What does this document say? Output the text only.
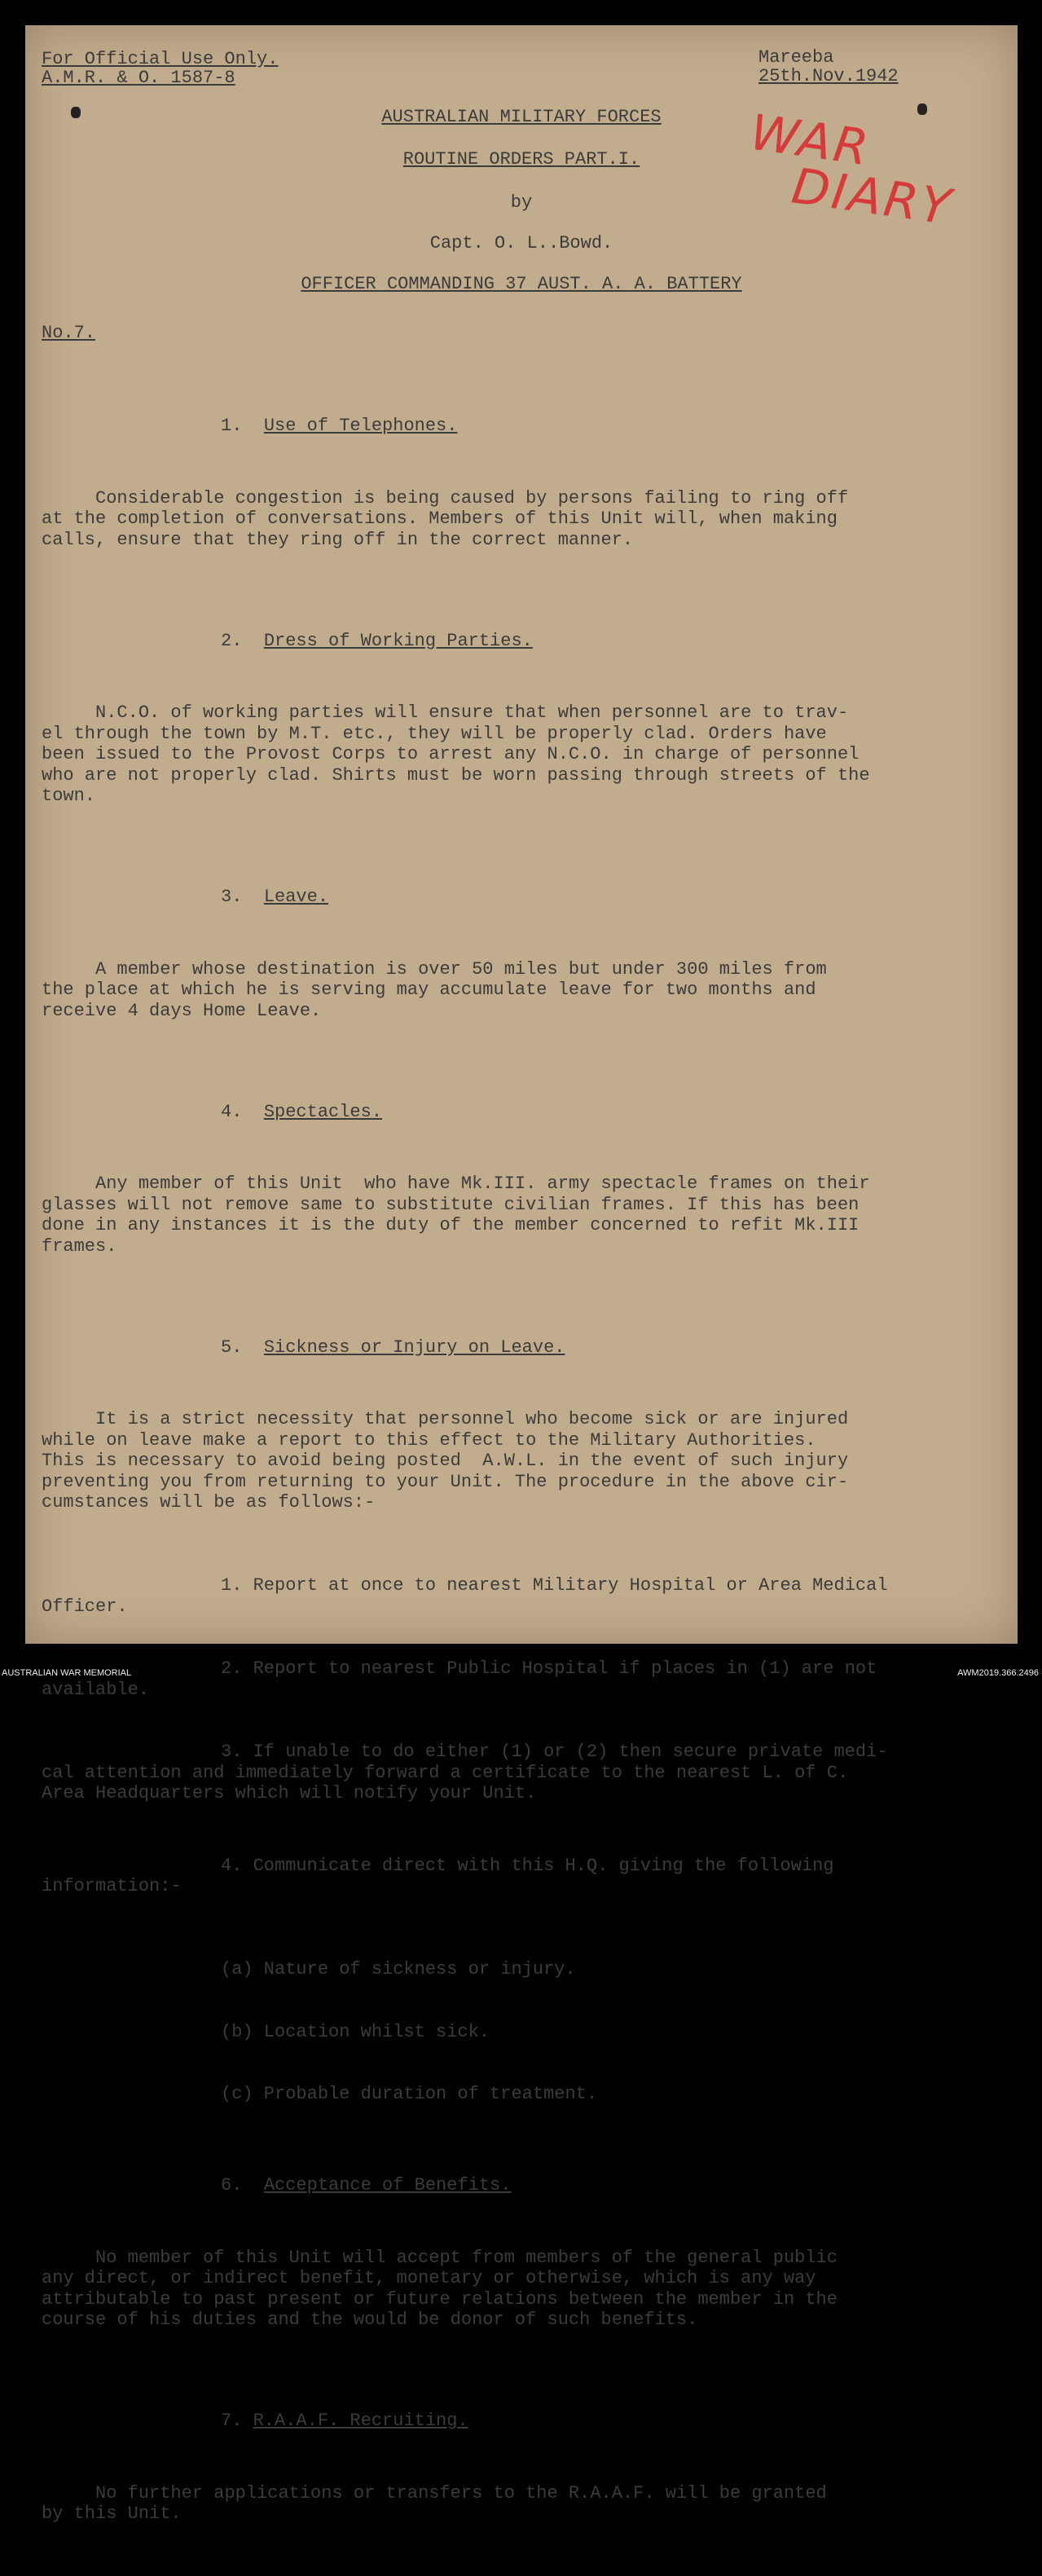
For Official Use Only.
A.M.R. & O. 1587-8
Mareeba
25th.Nov.1942
WAR
DIARY
AUSTRALIAN MILITARY FORCES
ROUTINE ORDERS PART.I.
by
Capt. O. L..Bowd.
OFFICER COMMANDING 37 AUST. A. A. BATTERY
No.7.

1. Use of Telephones.

Considerable congestion is being caused by persons failing to ring off
at the completion of conversations. Members of this Unit will, when making
calls, ensure that they ring off in the correct manner.

2. Dress of Working Parties.

N.C.O. of working parties will ensure that when personnel are to trav-
el through the town by M.T. etc., they will be properly clad. Orders have
been issued to the Provost Corps to arrest any N.C.O. in charge of personnel
who are not properly clad. Shirts must be worn passing through streets of the
town.

3. Leave.

A member whose destination is over 50 miles but under 300 miles from
the place at which he is serving may accumulate leave for two months and
receive 4 days Home Leave.

4. Spectacles.

Any member of this Unit  who have Mk.III. army spectacle frames on their
glasses will not remove same to substitute civilian frames. If this has been
done in any instances it is the duty of the member concerned to refit Mk.III
frames.

5. Sickness or Injury on Leave.

It is a strict necessity that personnel who become sick or are injured
while on leave make a report to this effect to the Military Authorities.
This is necessary to avoid being posted  A.W.L. in the event of such injury
preventing you from returning to your Unit. The procedure in the above cir-
cumstances will be as follows:-

1. Report at once to nearest Military Hospital or Area Medical
Officer.

2. Report to nearest Public Hospital if places in (1) are not
available.

3. If unable to do either (1) or (2) then secure private medi-
cal attention and immediately forward a certificate to the nearest L. of C.
Area Headquarters which will notify your Unit.

4. Communicate direct with this H.Q. giving the following
information:-

(a) Nature of sickness or injury.

(b) Location whilst sick.

(c) Probable duration of treatment.

6. Acceptance of Benefits.

No member of this Unit will accept from members of the general public
any direct, or indirect benefit, monetary or otherwise, which is any way
attributable to past present or future relations between the member in the
course of his duties and the would be donor of such benefits.

7. R.A.A.F. Recruiting.

No further applications or transfers to the R.A.A.F. will be granted
by this Unit.

AUSTRALIAN WAR MEMORIAL	AWM2019.366.2496
